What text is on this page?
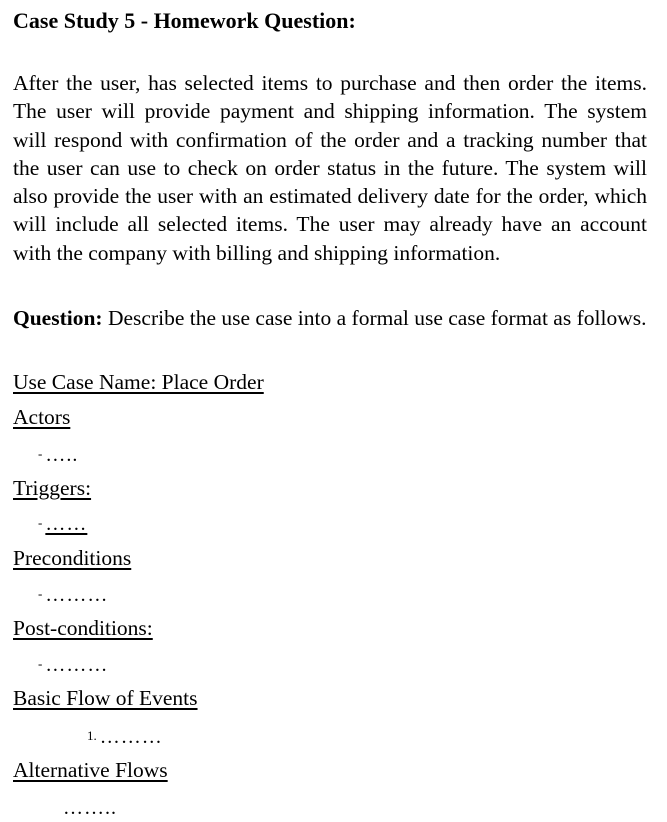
Case Study 5 - Homework Question:

After the user, has selected items to purchase and then order the items. The user will provide payment and shipping information. The system will respond with confirmation of the order and a tracking number that the user can use to check on order status in the future. The system will also provide the user with an estimated delivery date for the order, which will include all selected items. The user may already have an account with the company with billing and shipping information.

Question: Describe the use case into a formal use case format as follows.

Use Case Name: Place Order
Actors
- …..
Triggers:
- ……
Preconditions
- ………
Post-conditions:
- ………
Basic Flow of Events
1. ………
Alternative Flows
……..
